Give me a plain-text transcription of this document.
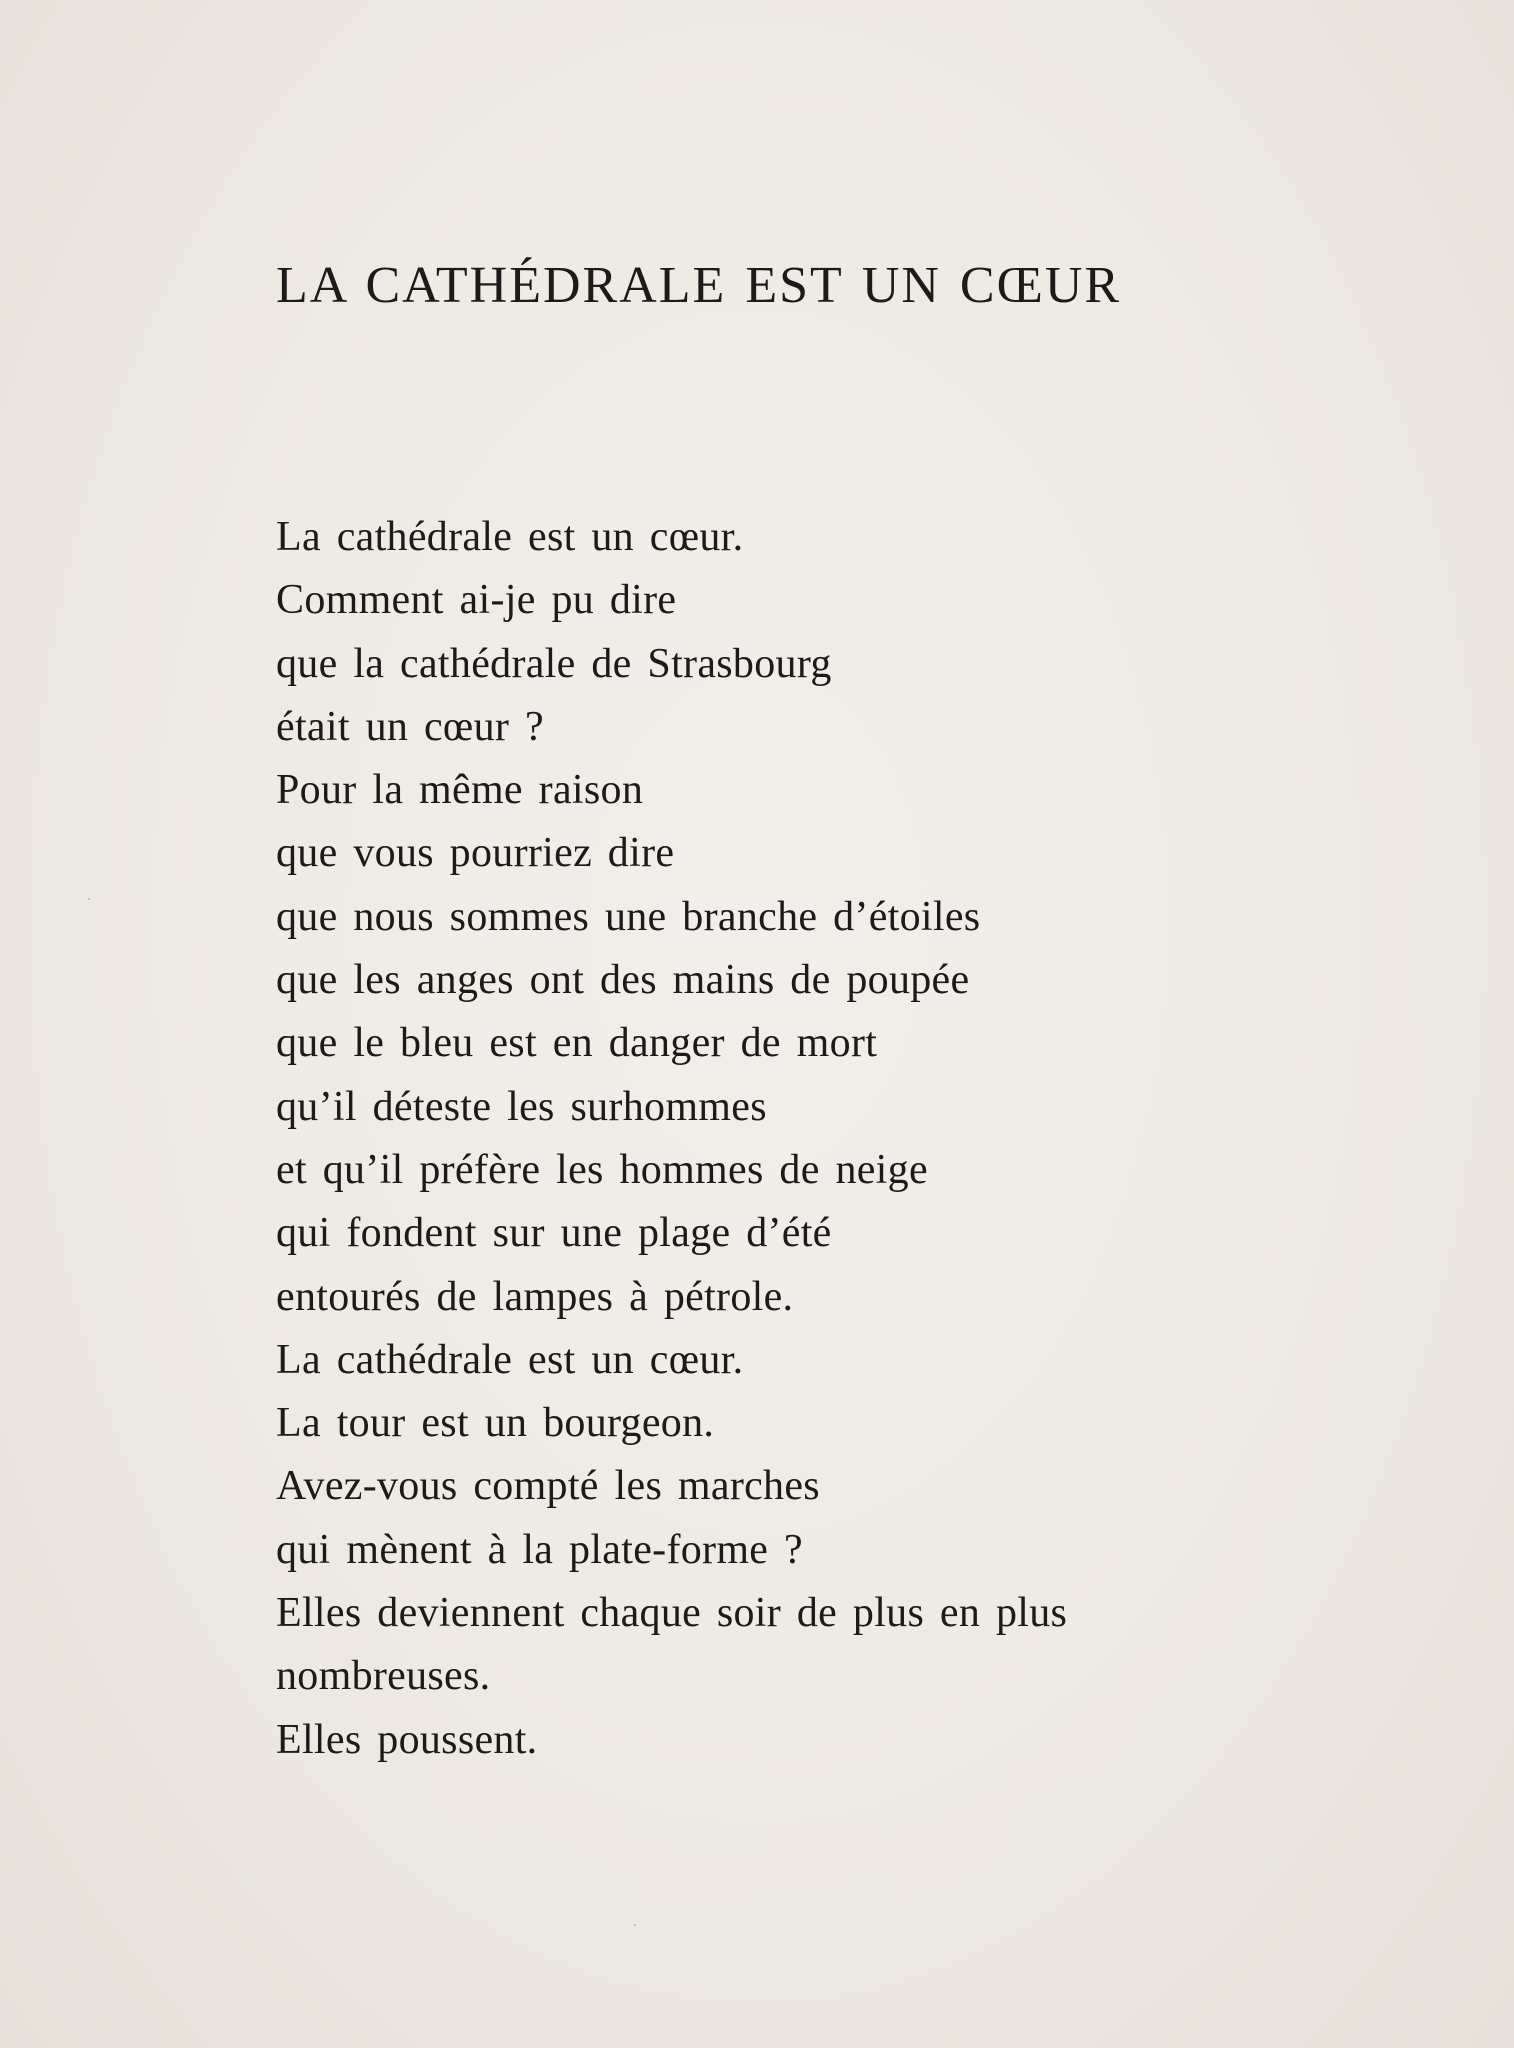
LA CATHÉDRALE EST UN CŒUR
La cathédrale est un cœur.
Comment ai-je pu dire
que la cathédrale de Strasbourg
était un cœur ?
Pour la même raison
que vous pourriez dire
que nous sommes une branche d’étoiles
que les anges ont des mains de poupée
que le bleu est en danger de mort
qu’il déteste les surhommes
et qu’il préfère les hommes de neige
qui fondent sur une plage d’été
entourés de lampes à pétrole.
La cathédrale est un cœur.
La tour est un bourgeon.
Avez-vous compté les marches
qui mènent à la plate-forme ?
Elles deviennent chaque soir de plus en plus
nombreuses.
Elles poussent.
